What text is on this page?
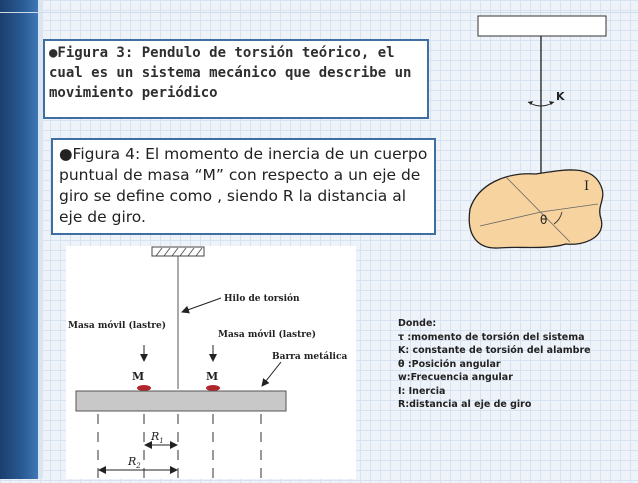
●Figura 3: Pendulo de torsión teórico, el cual es un sistema mecánico que describe un movimiento periódico
●Figura 4: El momento de inercia de un cuerpo puntual de masa “M” con respecto a un eje de giro se define como , siendo R la distancia al eje de giro.
Hilo de torsión
Masa móvil (lastre)
Masa móvil (lastre)
Barra metálica
M	M
$R_1$
$R_2$
K
I
θ
Donde:
τ :momento de torsión del sistema
K: constante de torsión del alambre
θ :Posición angular
w:Frecuencia angular
I: Inercia
R:distancia al eje de giro
